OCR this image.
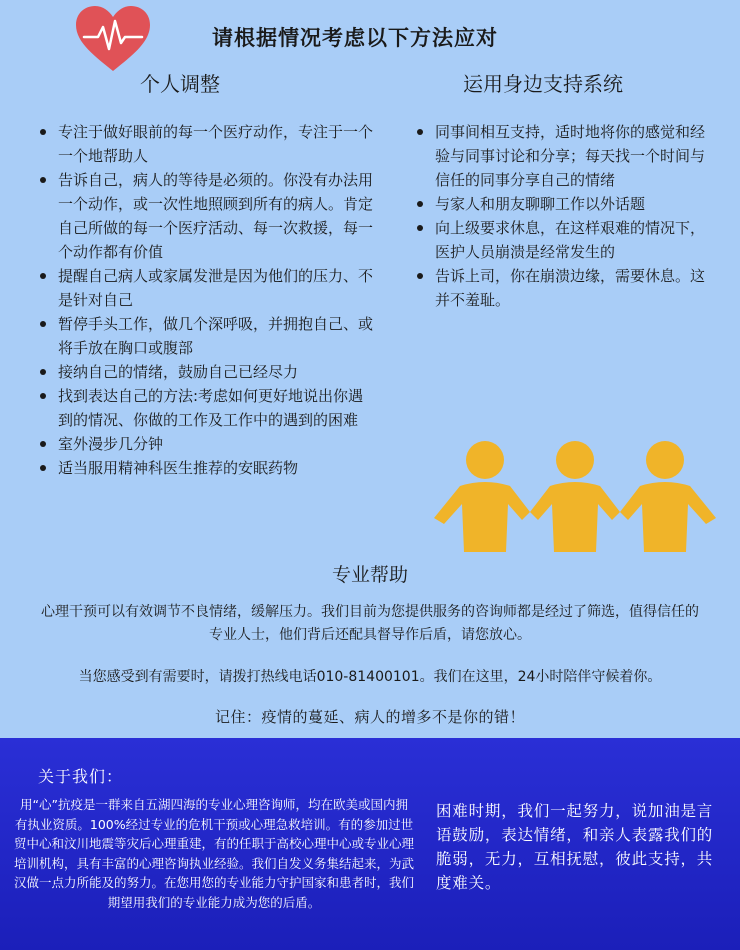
请根据情况考虑以下方法应对
个人调整	运用身边支持系统
专注于做好眼前的每一个医疗动作，专注于一个一个地帮助人
告诉自己，病人的等待是必须的。你没有办法用一个动作，或一次性地照顾到所有的病人。肯定自己所做的每一个医疗活动、每一次救援，每一个动作都有价值
提醒自己病人或家属发泄是因为他们的压力、不是针对自己
暂停手头工作，做几个深呼吸，并拥抱自己、或将手放在胸口或腹部
接纳自己的情绪，鼓励自己已经尽力
找到表达自己的方法:考虑如何更好地说出你遇到的情况、你做的工作及工作中的遇到的困难
室外漫步几分钟
适当服用精神科医生推荐的安眠药物
同事间相互支持，适时地将你的感觉和经验与同事讨论和分享；每天找一个时间与信任的同事分享自己的情绪
与家人和朋友聊聊工作以外话题
向上级要求休息，在这样艰难的情况下，医护人员崩溃是经常发生的
告诉上司，你在崩溃边缘，需要休息。这并不羞耻。
专业帮助
心理干预可以有效调节不良情绪，缓解压力。我们目前为您提供服务的咨询师都是经过了筛选，值得信任的专业人士，他们背后还配具督导作后盾，请您放心。
当您感受到有需要时，请拨打热线电话010-81400101。我们在这里，24小时陪伴守候着你。
记住：疫情的蔓延、病人的增多不是你的错！
关于我们：
用“心”抗疫是一群来自五湖四海的专业心理咨询师，均在欧美或国内拥有执业资质。100%经过专业的危机干预或心理急救培训。有的参加过世贸中心和汶川地震等灾后心理重建，有的任职于高校心理中心或专业心理培训机构，具有丰富的心理咨询执业经验。我们自发义务集结起来，为武汉做一点力所能及的努力。在您用您的专业能力守护国家和患者时，我们期望用我们的专业能力成为您的后盾。
困难时期，我们一起努力，说加油是言语鼓励，表达情绪，和亲人表露我们的脆弱，无力，互相抚慰，彼此支持，共度难关。
